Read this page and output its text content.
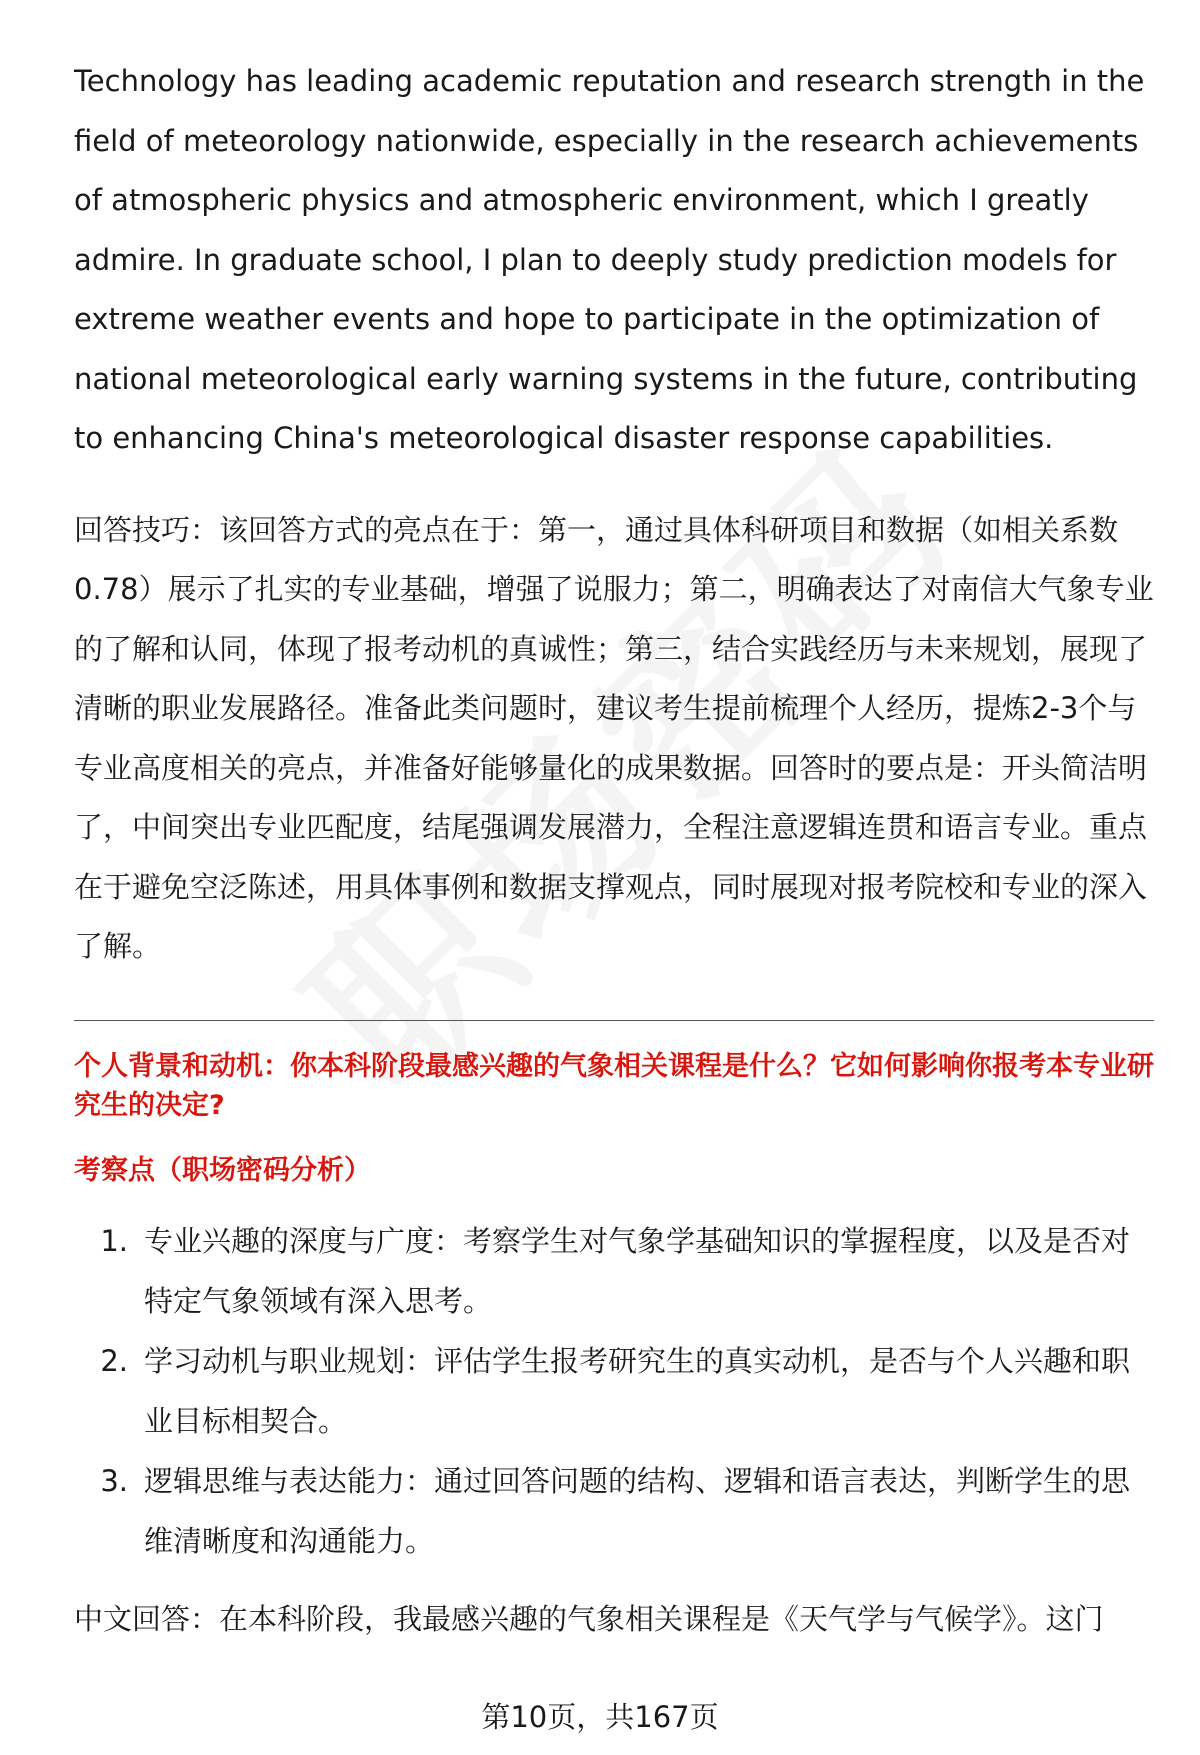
Technology has leading academic reputation and research strength in the field of meteorology nationwide, especially in the research achievements of atmospheric physics and atmospheric environment, which I greatly admire. In graduate school, I plan to deeply study prediction models for extreme weather events and hope to participate in the optimization of national meteorological early warning systems in the future, contributing to enhancing China's meteorological disaster response capabilities.

回答技巧：该回答方式的亮点在于：第一，通过具体科研项目和数据（如相关系数0.78）展示了扎实的专业基础，增强了说服力；第二，明确表达了对南信大气象专业的了解和认同，体现了报考动机的真诚性；第三，结合实践经历与未来规划，展现了清晰的职业发展路径。准备此类问题时，建议考生提前梳理个人经历，提炼2-3个与专业高度相关的亮点，并准备好能够量化的成果数据。回答时的要点是：开头简洁明了，中间突出专业匹配度，结尾强调发展潜力，全程注意逻辑连贯和语言专业。重点在于避免空泛陈述，用具体事例和数据支撑观点，同时展现对报考院校和专业的深入了解。

个人背景和动机：你本科阶段最感兴趣的气象相关课程是什么？它如何影响你报考本专业研究生的决定?

考察点（职场密码分析）

1. 专业兴趣的深度与广度：考察学生对气象学基础知识的掌握程度，以及是否对特定气象领域有深入思考。
2. 学习动机与职业规划：评估学生报考研究生的真实动机，是否与个人兴趣和职业目标相契合。
3. 逻辑思维与表达能力：通过回答问题的结构、逻辑和语言表达，判断学生的思维清晰度和沟通能力。

中文回答：在本科阶段，我最感兴趣的气象相关课程是《天气学与气候学》。这门

第10页，共167页
